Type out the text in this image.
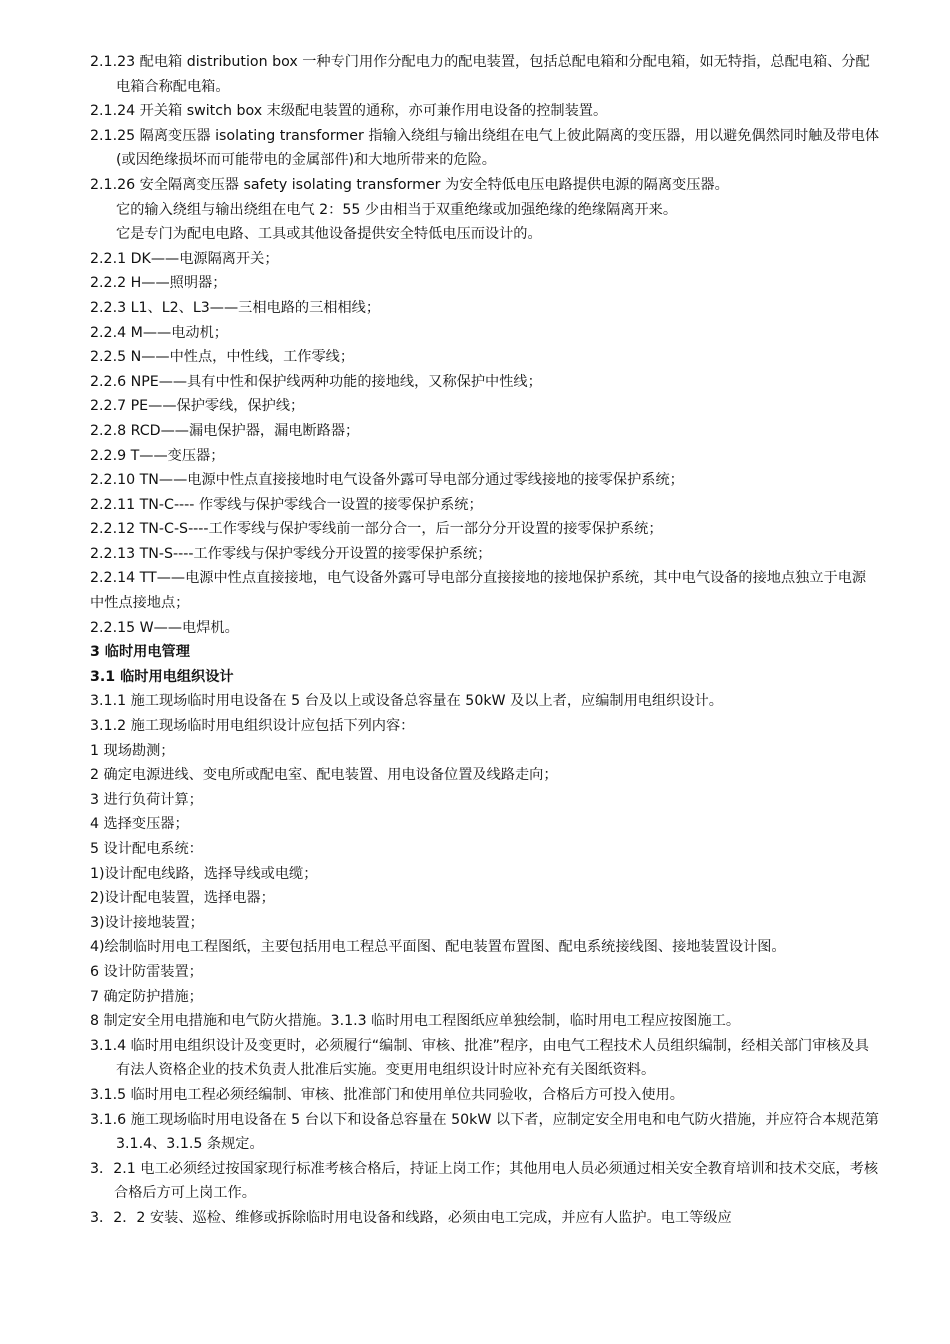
2.1.23 配电箱 distribution box 一种专门用作分配电力的配电装置，包括总配电箱和分配电箱，如无特指，总配电箱、分配电箱合称配电箱。

2.1.24 开关箱 switch box 末级配电装置的通称，亦可兼作用电设备的控制装置。

2.1.25 隔离变压器 isolating transformer 指输入绕组与输出绕组在电气上彼此隔离的变压器，用以避免偶然同时触及带电体(或因绝缘损坏而可能带电的金属部件)和大地所带来的危险。

2.1.26 安全隔离变压器 safety isolating transformer 为安全特低电压电路提供电源的隔离变压器。

它的输入绕组与输出绕组在电气 2：55 少由相当于双重绝缘或加强绝缘的绝缘隔离开来。

它是专门为配电电路、工具或其他设备提供安全特低电压而设计的。

2.2.1 DK——电源隔离开关；

2.2.2 H——照明器；

2.2.3 L1、L2、L3——三相电路的三相相线；

2.2.4 M——电动机；

2.2.5 N——中性点，中性线，工作零线；

2.2.6 NPE——具有中性和保护线两种功能的接地线，又称保护中性线；

2.2.7 PE——保护零线，保护线；

2.2.8 RCD——漏电保护器，漏电断路器；

2.2.9 T——变压器；

2.2.10 TN——电源中性点直接接地时电气设备外露可导电部分通过零线接地的接零保护系统；

2.2.11 TN-C---- 作零线与保护零线合一设置的接零保护系统；

2.2.12 TN-C-S----工作零线与保护零线前一部分合一，后一部分分开设置的接零保护系统；

2.2.13 TN-S----工作零线与保护零线分开设置的接零保护系统；

2.2.14 TT——电源中性点直接接地，电气设备外露可导电部分直接接地的接地保护系统，其中电气设备的接地点独立于电源中性点接地点；

2.2.15 W——电焊机。

3 临时用电管理

3.1 临时用电组织设计

3.1.1 施工现场临时用电设备在 5 台及以上或设备总容量在 50kW 及以上者，应编制用电组织设计。

3.1.2 施工现场临时用电组织设计应包括下列内容：

1 现场勘测；

2 确定电源进线、变电所或配电室、配电装置、用电设备位置及线路走向；

3 进行负荷计算；

4 选择变压器；

5 设计配电系统：

1)设计配电线路，选择导线或电缆；

2)设计配电装置，选择电器；

3)设计接地装置；

4)绘制临时用电工程图纸，主要包括用电工程总平面图、配电装置布置图、配电系统接线图、接地装置设计图。

6 设计防雷装置；

7 确定防护措施；

8 制定安全用电措施和电气防火措施。3.1.3 临时用电工程图纸应单独绘制，临时用电工程应按图施工。

3.1.4 临时用电组织设计及变更时，必须履行“编制、审核、批准”程序，由电气工程技术人员组织编制，经相关部门审核及具有法人资格企业的技术负责人批准后实施。变更用电组织设计时应补充有关图纸资料。

3.1.5 临时用电工程必须经编制、审核、批准部门和使用单位共同验收，合格后方可投入使用。

3.1.6 施工现场临时用电设备在 5 台以下和设备总容量在 50kW 以下者，应制定安全用电和电气防火措施，并应符合本规范第 3.1.4、3.1.5 条规定。

3．2.1 电工必须经过按国家现行标准考核合格后，持证上岗工作；其他用电人员必须通过相关安全教育培训和技术交底，考核合格后方可上岗工作。

3．2．2 安装、巡检、维修或拆除临时用电设备和线路，必须由电工完成，并应有人监护。电工等级应
